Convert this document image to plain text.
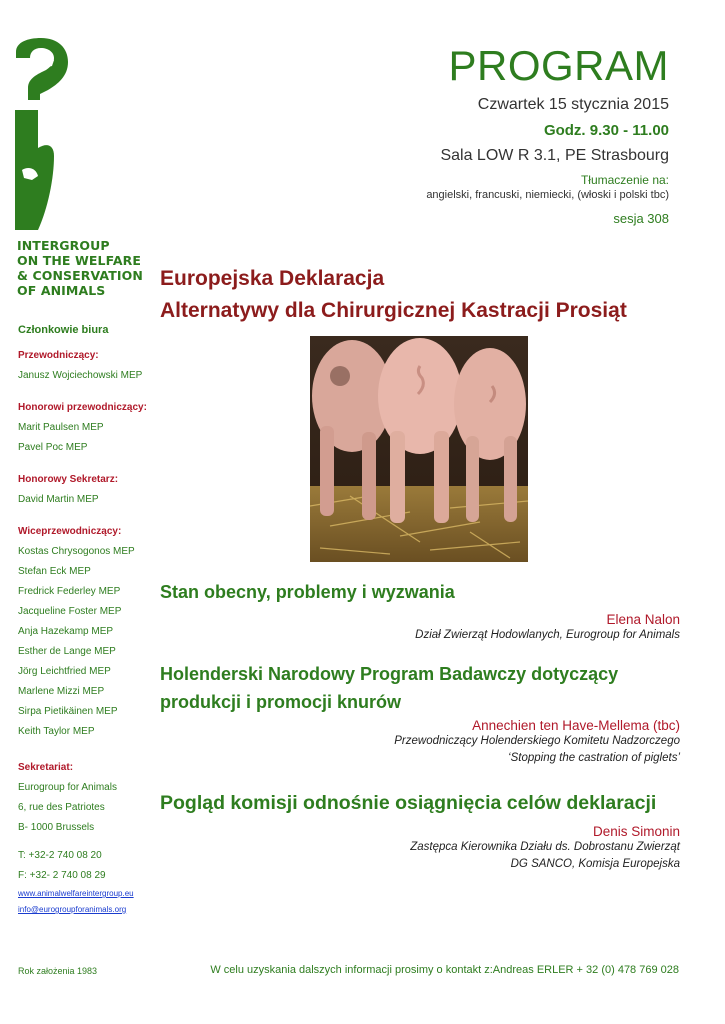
INTERGROUP
ON THE WELFARE
& CONSERVATION
OF ANIMALS
Członkowie biura
Przewodniczący:
Janusz Wojciechowski MEP
Honorowi przewodniczący:
Marit Paulsen MEP
Pavel Poc MEP
Honorowy Sekretarz:
David Martin MEP
Wiceprzewodniczący:
Kostas Chrysogonos MEP
Stefan Eck MEP
Fredrick Federley MEP
Jacqueline Foster MEP
Anja Hazekamp MEP
Esther de Lange MEP
Jörg Leichtfried MEP
Marlene Mizzi MEP
Sirpa Pietikäinen MEP
Keith Taylor MEP
Sekretariat:
Eurogroup for Animals
6, rue des Patriotes
B- 1000 Brussels
T: +32-2 740 08 20
F: +32- 2 740 08 29
www.animalwelfareintergroup.eu
info@eurogroupforanimals.org
PROGRAM
Czwartek 15 stycznia 2015
Godz. 9.30 - 11.00
Sala LOW R 3.1, PE Strasbourg
Tłumaczenie na:
angielski, francuski, niemiecki, (włoski i polski tbc)
sesja 308
Europejska Deklaracja
Alternatywy dla Chirurgicznej Kastracji Prosiąt
Stan obecny, problemy i wyzwania
Elena Nalon
Dział Zwierząt Hodowlanych, Eurogroup for Animals
Holenderski Narodowy Program Badawczy dotyczący produkcji i promocji knurów
Annechien ten Have-Mellema (tbc)
Przewodniczący Holenderskiego Komitetu Nadzorczego
‘Stopping the castration of piglets’
Pogląd komisji odnośnie osiągnięcia celów deklaracji
Denis Simonin
Zastępca Kierownika Działu ds. Dobrostanu Zwierząt
DG SANCO, Komisja Europejska
Rok założenia 1983	W celu uzyskania dalszych informacji prosimy o kontakt z:Andreas ERLER + 32 (0) 478 769 028
